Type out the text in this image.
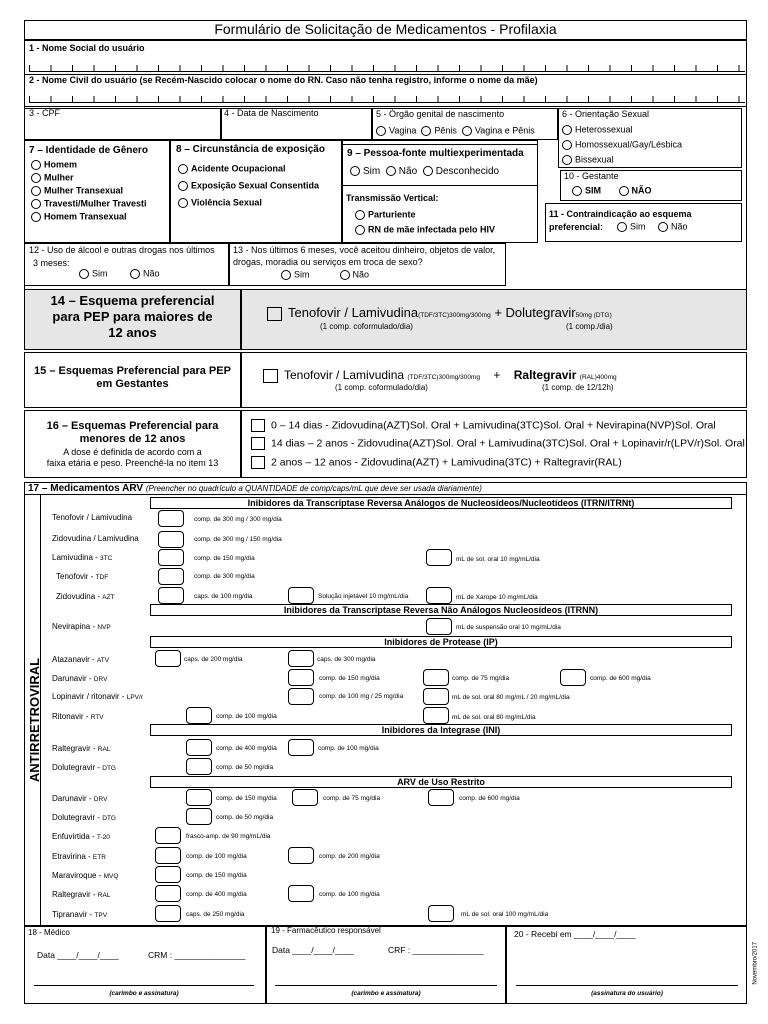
Formulário de Solicitação de Medicamentos - Profilaxia
1 - Nome Social do usuário
2 - Nome Civil do usuário (se Recém-Nascido colocar o nome do RN. Caso não tenha registro, informe o nome da mãe)
3 - CPF	4 - Data de Nascimento	5 - Órgão genital de nascimento
Vagina Pênis Vagina e Pênis
6 - Orientação Sexual
Heterossexual
Homossexual/Gay/Lésbica
Bissexual
7 – Identidade de Gênero
Homem
Mulher
Mulher Transexual
Travesti/Mulher Travesti
Homem Transexual
8 – Circunstância de exposição
Acidente Ocupacional
Exposição Sexual Consentida
Violência Sexual
9 – Pessoa-fonte multiexperimentada
Sim Não Desconhecido
Transmissão Vertical:
Parturiente
RN de mãe infectada pelo HIV
10 - Gestante
SIM	NÃO
11 - Contraindicação ao esquema
preferencial:	Sim	Não
12 - Uso de álcool e outras drogas nos últimos
3 meses:
Sim	Não
13 - Nos últimos 6 meses, você aceitou dinheiro, objetos de valor,
drogas, moradia ou serviços em troca de sexo?
Sim	Não
14 – Esquema preferencial
para PEP para maiores de
12 anos
Tenofovir / Lamivudina(TDF/3TC)300mg/300mg + Dolutegravir50mg (DTG)
(1 comp. coformulado/dia)	(1 comp./dia)
15 – Esquemas Preferencial para PEP
em Gestantes
Tenofovir / Lamivudina (TDF/3TC)300mg/300mg + Raltegravir (RAL)400mg
(1 comp. coformulado/dia)	(1 comp. de 12/12h)
16 – Esquemas Preferencial para
menores de 12 anos
A dose é definida de acordo com a
faixa etária e peso. Preenchê-la no item 13
0 – 14 dias - Zidovudina(AZT)Sol. Oral + Lamivudina(3TC)Sol. Oral + Nevirapina(NVP)Sol. Oral
14 dias – 2 anos - Zidovudina(AZT)Sol. Oral + Lamivudina(3TC)Sol. Oral + Lopinavir/r(LPV/r)Sol. Oral
2 anos – 12 anos - Zidovudina(AZT) + Lamivudina(3TC) + Raltegravir(RAL)
17 – Medicamentos ARV (Preencher no quadrículo a QUANTIDADE de comp/caps/mL que deve ser usada diariamente)
ANTIRRETROVIRAL
Inibidores da Transcriptase Reversa Análogos de Nucleosídeos/Nucleotídeos (ITRN/ITRNt)
Inibidores da Transcriptase Reversa Não Análogos Nucleosídeos (ITRNN)
Inibidores de Protease (IP)
Inibidores da Integrase (INI)
ARV de Uso Restrito
Tenofovir / Lamivudina	comp. de 300 mg / 300 mg/dia
Zidovudina / Lamivudina	comp. de 300 mg / 150 mg/dia
Lamivudina - 3TC	comp. de 150 mg/dia	mL de sol. oral 10 mg/mL/dia
Tenofovir - TDF	comp. de 300 mg/dia
Zidovudina - AZT	caps. de 100 mg/dia	Solução injetável 10 mg/mL/dia	mL de Xarope 10 mg/mL/dia
Nevirapina - NVP	mL de suspensão oral 10 mg/mL/dia
Atazanavir - ATV	caps. de 200 mg/dia	caps. de 300 mg/dia
Darunavir - DRV	comp. de 150 mg/dia	comp. de 75 mg/dia	comp. de 600 mg/dia
Lopinavir / ritonavir - LPV/r	comp. de 100 mg / 25 mg/dia	mL de sol. oral 80 mg/mL / 20 mg/mL/dia
Ritonavir - RTV	comp. de 100 mg/dia	mL de sol. oral 80 mg/mL/dia
Raltegravir - RAL	comp. de 400 mg/dia	comp. de 100 mg/dia
Dolutegravir - DTG	comp. de 50 mg/dia
Darunavir - DRV	comp. de 150 mg/dia	comp. de 75 mg/dia	comp. de 600 mg/dia
Dolutegravir - DTG	comp. de 50 mg/dia
Enfuvirtida - T-20	frasco-amp. de 90 mg/mL/dia
Etravirina - ETR	comp. de 100 mg/dia	comp. de 200 mg/dia
Maraviroque - MVQ	comp. de 150 mg/dia
Raltegravir - RAL	comp. de 400 mg/dia	comp. de 100 mg/dia
Tipranavir - TPV	caps. de 250 mg/dia	mL de sol. oral 100 mg/mL/dia
18 - Médico
Data ____/____/____	CRM : _______________
(carimbo e assinatura)
19 - Farmacêutico responsável
Data ____/____/____	CRF : _______________
(carimbo e assinatura)
20 - Recebi em ____/____/____
(assinatura do usuário)
Novembro/2017
